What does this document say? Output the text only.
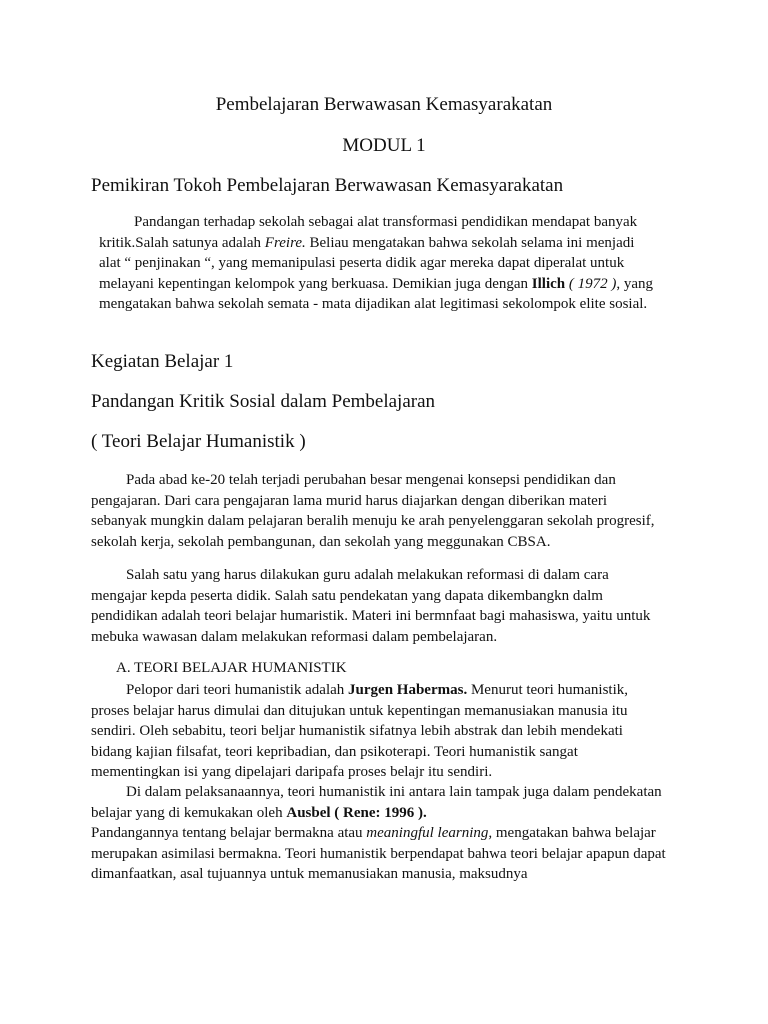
Pembelajaran Berwawasan Kemasyarakatan
MODUL 1
Pemikiran Tokoh Pembelajaran Berwawasan Kemasyarakatan

Pandangan terhadap sekolah sebagai alat transformasi pendidikan mendapat banyak kritik.Salah satunya adalah Freire. Beliau mengatakan bahwa sekolah selama ini menjadi alat “ penjinakan “, yang memanipulasi peserta didik agar mereka dapat diperalat untuk melayani kepentingan kelompok yang berkuasa. Demikian juga dengan Illich ( 1972 ), yang mengatakan bahwa sekolah semata - mata dijadikan alat legitimasi sekolompok elite sosial.

Kegiatan Belajar 1
Pandangan Kritik Sosial dalam Pembelajaran
( Teori Belajar Humanistik )

Pada abad ke-20 telah terjadi perubahan besar mengenai konsepsi pendidikan dan pengajaran. Dari cara pengajaran lama murid harus diajarkan dengan diberikan materi sebanyak mungkin dalam pelajaran beralih menuju ke arah penyelenggaran sekolah progresif, sekolah kerja, sekolah pembangunan, dan sekolah yang meggunakan CBSA.

Salah satu yang harus dilakukan guru adalah melakukan reformasi di dalam cara mengajar kepda peserta didik. Salah satu pendekatan yang dapata dikembangkn dalm pendidikan adalah teori belajar humaristik. Materi ini bermnfaat bagi mahasiswa, yaitu untuk mebuka wawasan dalam melakukan reformasi dalam pembelajaran.

A. TEORI BELAJAR HUMANISTIK

Pelopor dari teori humanistik adalah Jurgen Habermas. Menurut teori humanistik, proses belajar harus dimulai dan ditujukan untuk kepentingan memanusiakan manusia itu sendiri. Oleh sebabitu, teori beljar humanistik sifatnya lebih abstrak dan lebih mendekati bidang kajian filsafat, teori kepribadian, dan psikoterapi. Teori humanistik sangat mementingkan isi yang dipelajari daripafa proses belajr itu sendiri.

Di dalam pelaksanaannya, teori humanistik ini antara lain tampak juga dalam pendekatan belajar yang di kemukakan oleh Ausbel ( Rene: 1996 ).

Pandangannya tentang belajar bermakna atau meaningful learning, mengatakan bahwa belajar merupakan asimilasi bermakna. Teori humanistik berpendapat bahwa teori belajar apapun dapat dimanfaatkan, asal tujuannya untuk memanusiakan manusia, maksudnya
